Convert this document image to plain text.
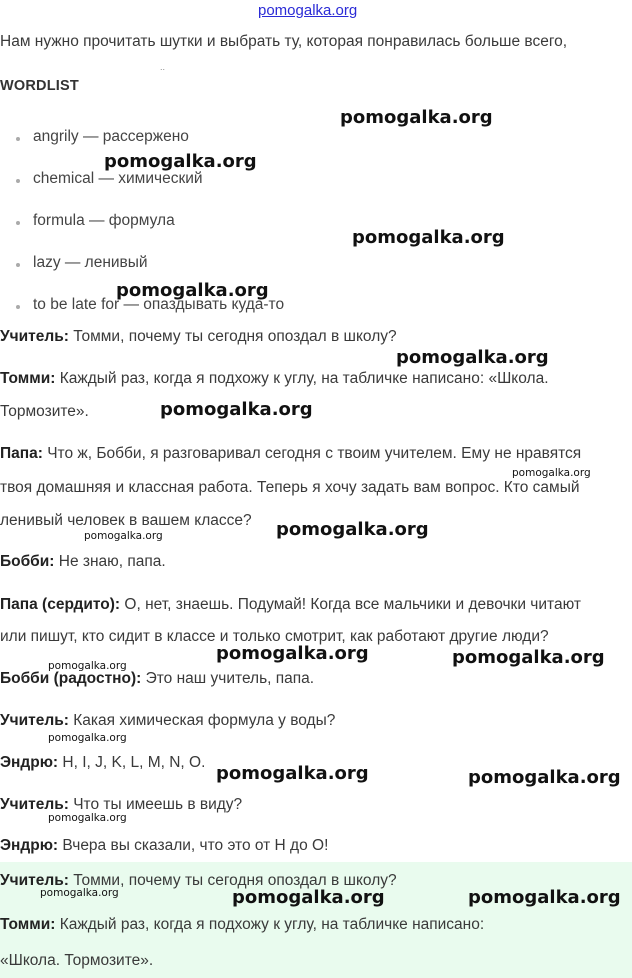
pomogalka.org
Нам нужно прочитать шутки и выбрать ту, которая понравилась больше всего,
..
WORDLIST
angrily — рассержено
chemical — химический
formula — формула
lazy — ленивый
to be late for — опаздывать куда-то
Учитель: Томми, почему ты сегодня опоздал в школу?
Томми: Каждый раз, когда я подхожу к углу, на табличке написано: «Школа.
Тормозите».
Папа: Что ж, Бобби, я разговаривал сегодня с твоим учителем. Ему не нравятся
твоя домашняя и классная работа. Теперь я хочу задать вам вопрос. Кто самый
ленивый человек в вашем классе?
Бобби: Не знаю, папа.
Папа (сердито): О, нет, знаешь. Подумай! Когда все мальчики и девочки читают
или пишут, кто сидит в классе и только смотрит, как работают другие люди?
Бобби (радостно): Это наш учитель, папа.
Учитель: Какая химическая формула у воды?
Эндрю: H, I, J, K, L, M, N, O.
Учитель: Что ты имеешь в виду?
Эндрю: Вчера вы сказали, что это от H до O!
Учитель: Томми, почему ты сегодня опоздал в школу?
Томми: Каждый раз, когда я подхожу к углу, на табличке написано:
«Школа. Тормозите».
pomogalka.org
pomogalka.org
pomogalka.org
pomogalka.org
pomogalka.org
pomogalka.org
pomogalka.org
pomogalka.org
pomogalka.org
pomogalka.org	pomogalka.org
pomogalka.org
pomogalka.org
pomogalka.org	pomogalka.org
pomogalka.org
pomogalka.org	pomogalka.org	pomogalka.org
